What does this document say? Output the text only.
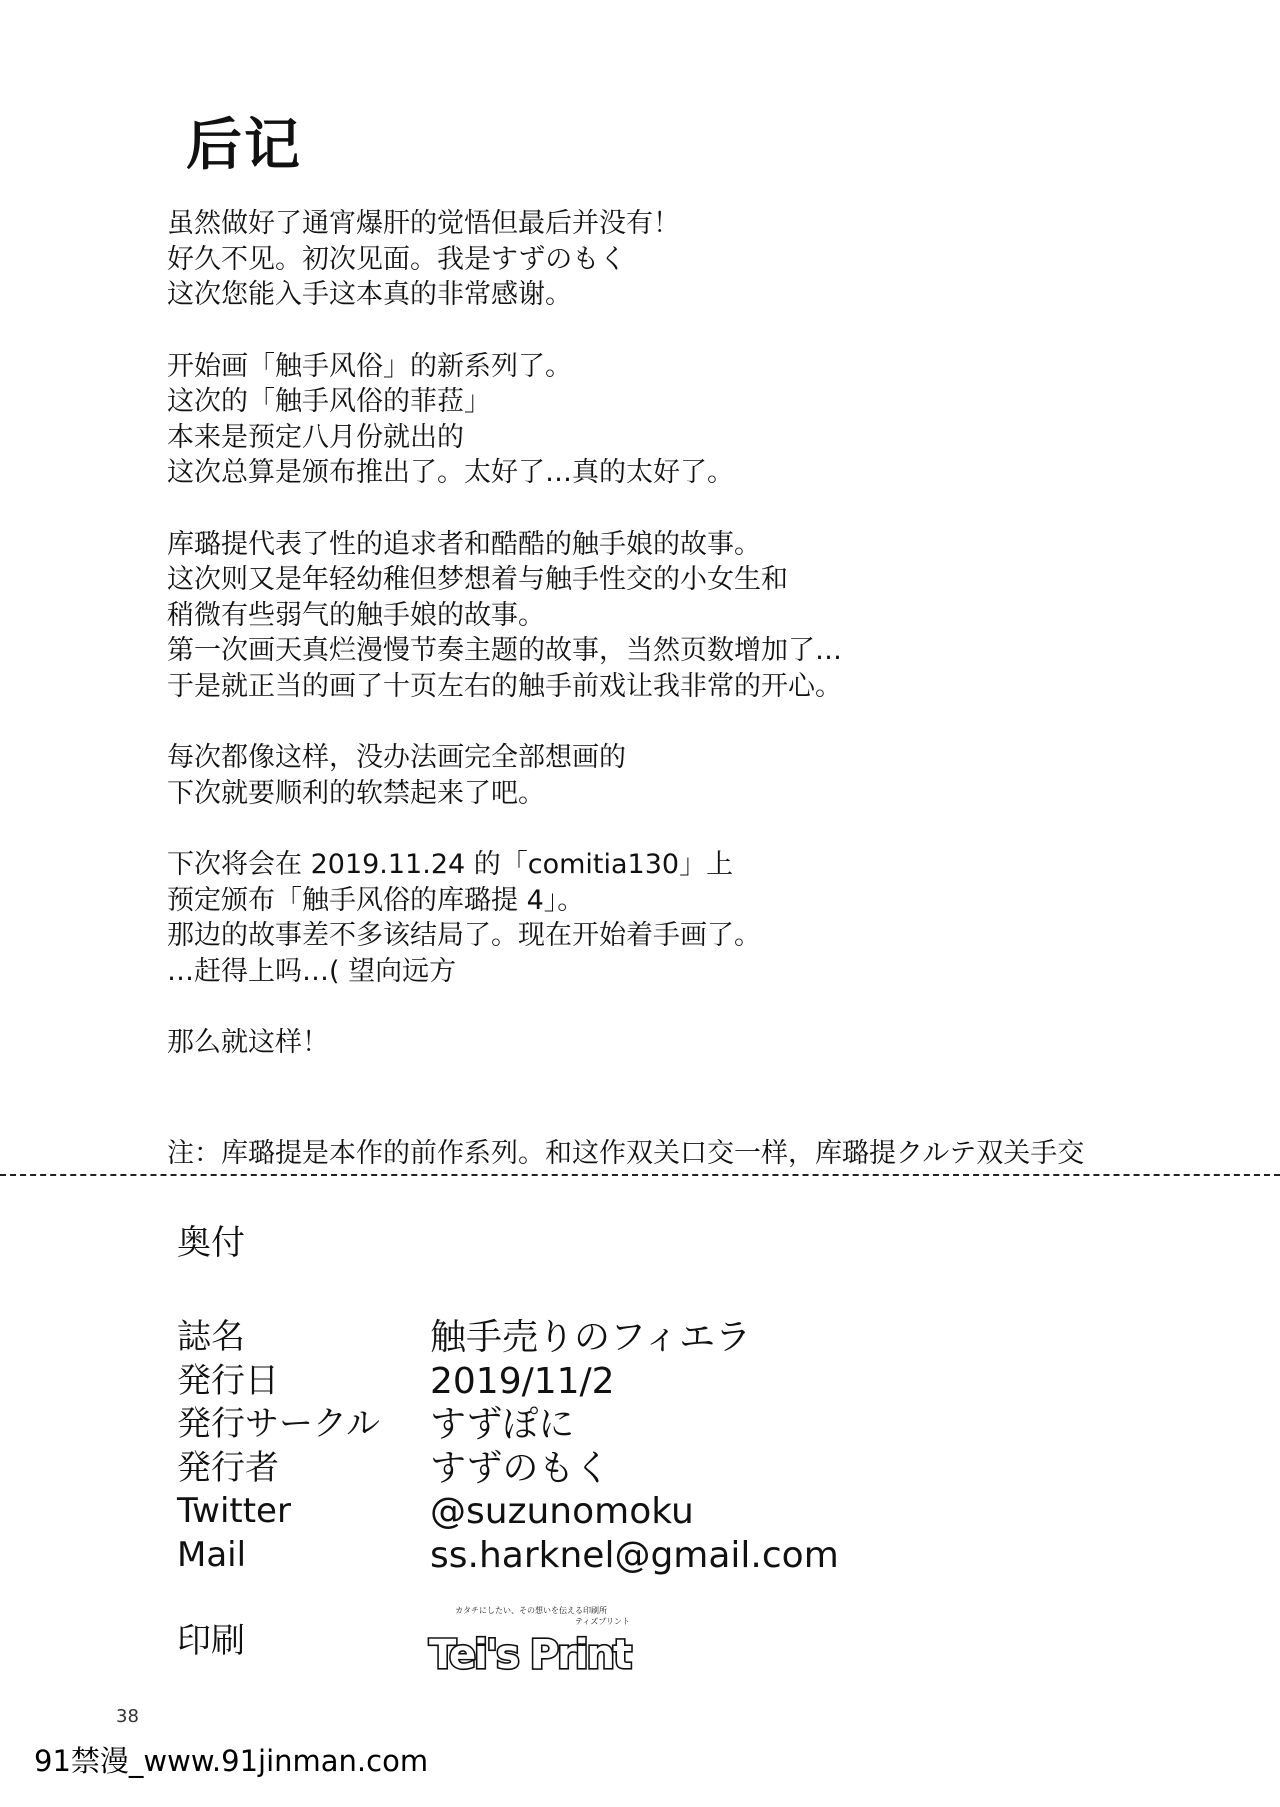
后记
虽然做好了通宵爆肝的觉悟但最后并没有！
好久不见。初次见面。我是すずのもく
这次您能入手这本真的非常感谢。
开始画「触手风俗」的新系列了。
这次的「触手风俗的菲菈」
本来是预定八月份就出的
这次总算是颁布推出了。太好了…真的太好了。
库璐提代表了性的追求者和酷酷的触手娘的故事。
这次则又是年轻幼稚但梦想着与触手性交的小女生和
稍微有些弱气的触手娘的故事。
第一次画天真烂漫慢节奏主题的故事，当然页数增加了…
于是就正当的画了十页左右的触手前戏让我非常的开心。
每次都像这样，没办法画完全部想画的
下次就要顺利的软禁起来了吧。
下次将会在 2019.11.24 的「comitia130」上
预定颁布「触手风俗的库璐提 4」。
那边的故事差不多该结局了。现在开始着手画了。
…赶得上吗…( 望向远方
那么就这样！
注：库璐提是本作的前作系列。和这作双关口交一样，库璐提クルテ双关手交
奥付
誌名	触手売りのフィエラ
発行日	2019/11/2
発行サークル すずぽに
発行者	すずのもく
Twitter	@suzunomoku
Mail	ss.harknel@gmail.com
印刷
カタチにしたい、その想いを伝える印刷所
ティズプリント
Tei's Print
38
91禁漫_www.91jinman.com
